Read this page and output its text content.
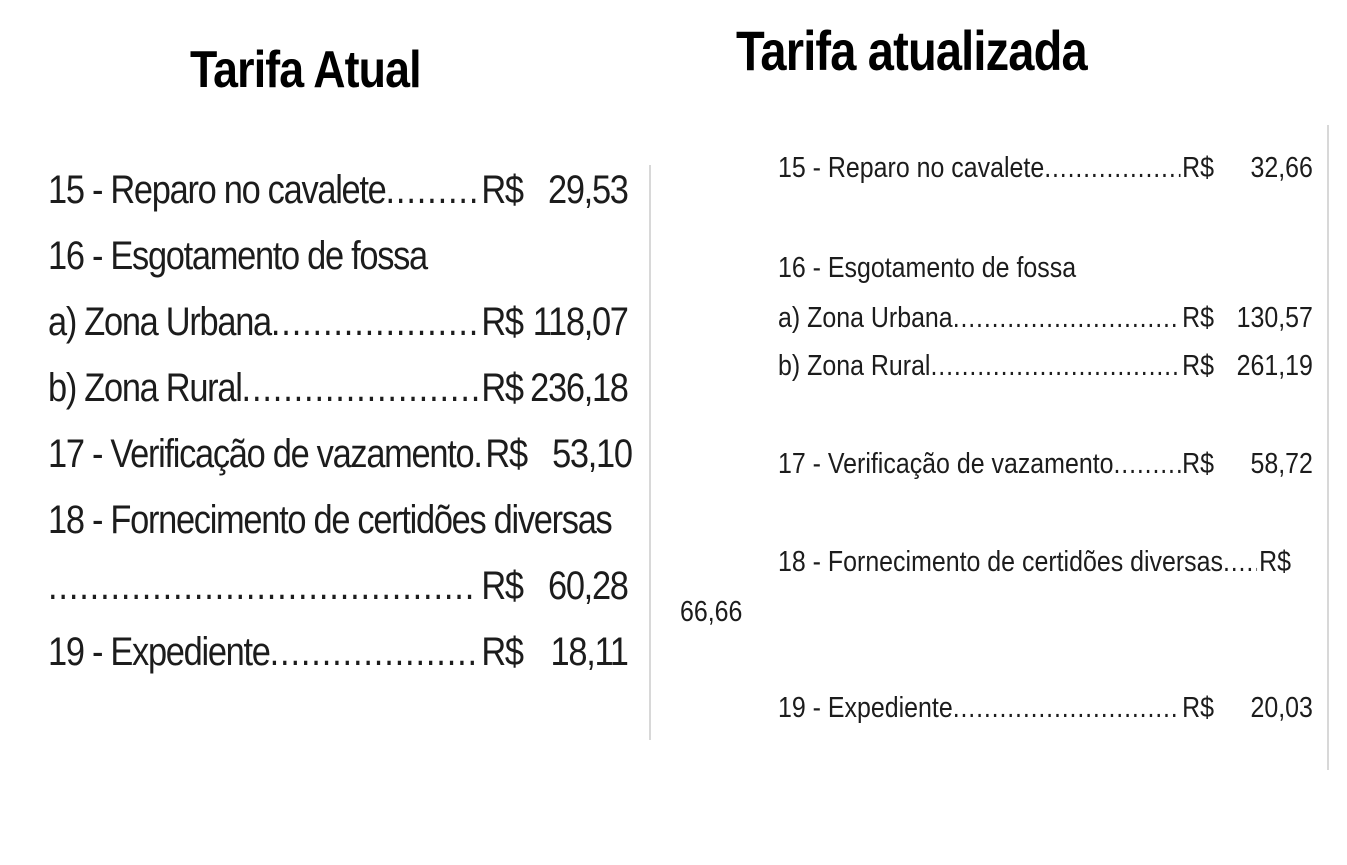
Tarifa Atual	Tarifa atualizada
15 - Reparo no cavalete ..... R$ 29,53
16 - Esgotamento de fossa
a) Zona Urbana .....	R$ 118,07
b) Zona Rural .....	R$ 236,18
17 - Verificação de vazamento ..... R$ 53,10
18 - Fornecimento de certidões diversas
.....
R$ 60,28
19 - Expediente .....	R$ 18,11
15 - Reparo no cavalete .....	R$	32,66
16 - Esgotamento de fossa
a) Zona Urbana .....	R$ 130,57
b) Zona Rural .....	R$ 261,19
17 - Verificação de vazamento ..... R$	58,72
18 - Fornecimento de certidões diversas ..... R$
66,66
19 - Expediente .....	R$	20,03
